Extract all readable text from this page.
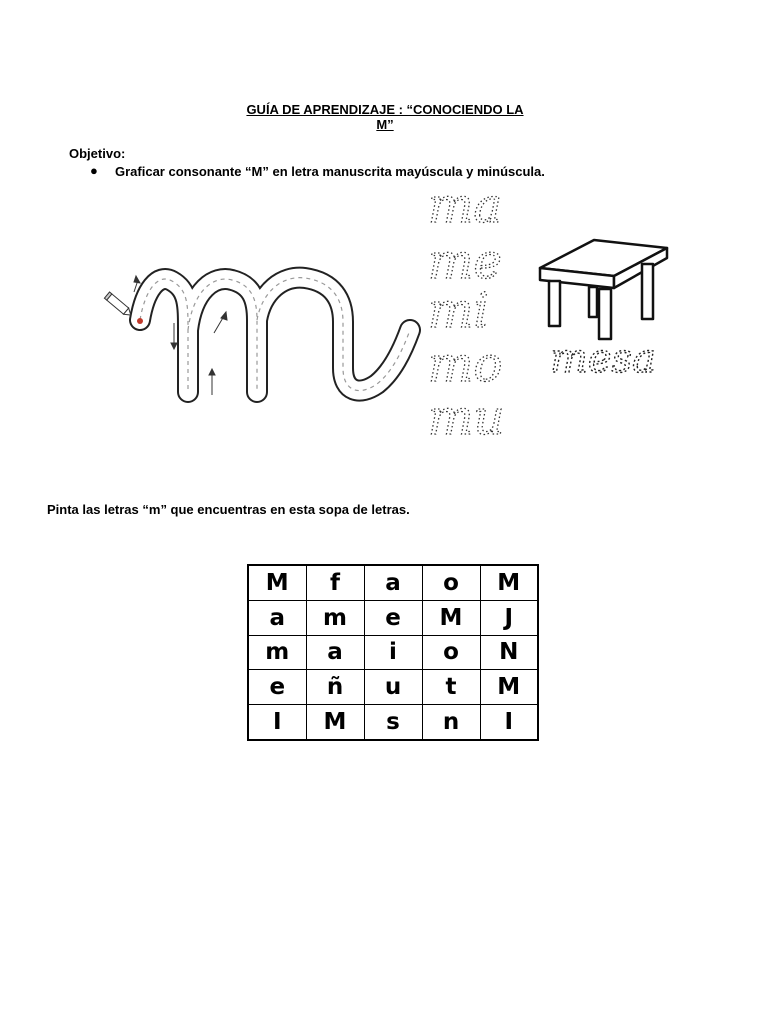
GUÍA DE APRENDIZAJE : “CONOCIENDO LA
M”
Objetivo:
● Graficar consonante “M” en letra manuscrita mayúscula y minúscula.
ma
me
mi
mo
mu
mesa
Pinta las letras “m” que encuentras en esta sopa de letras.
M	f	a	o	M
a	m	e	M	J
m	a	i	o	N
e	ñ	u	t	M
I	M	s	n	I
